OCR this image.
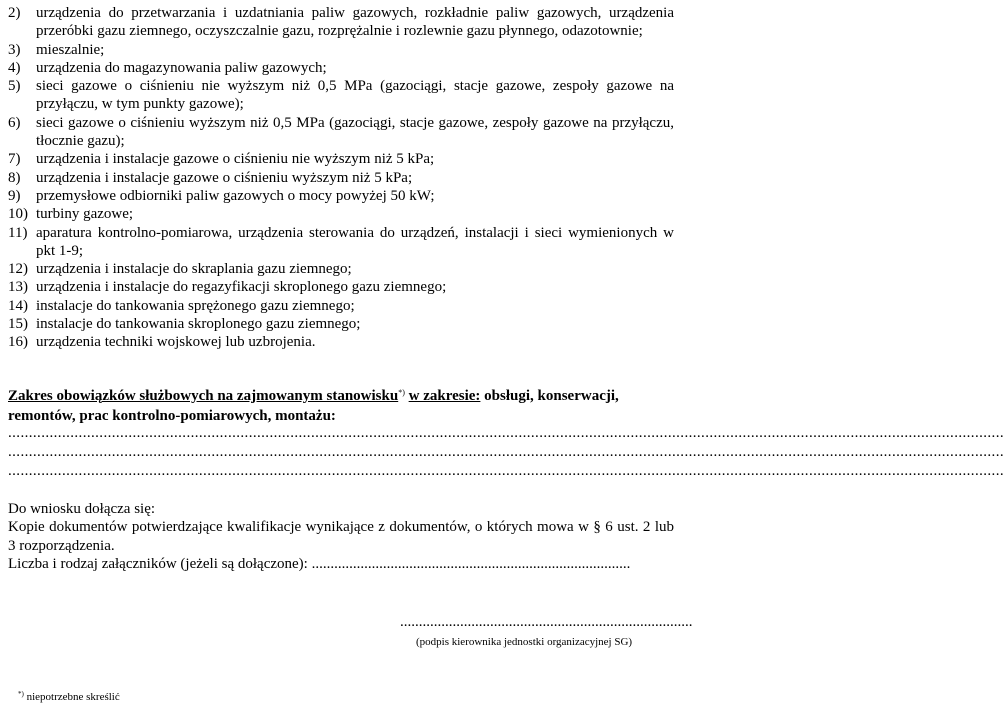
2) urządzenia do przetwarzania i uzdatniania paliw gazowych, rozkładnie paliw gazowych, urządzenia przeróbki gazu ziemnego, oczyszczalnie gazu, rozprężalnie i rozlewnie gazu płynnego, odazotownie;
3) mieszalnie;
4) urządzenia do magazynowania paliw gazowych;
5) sieci gazowe o ciśnieniu nie wyższym niż 0,5 MPa (gazociągi, stacje gazowe, zespoły gazowe na przyłączu, w tym punkty gazowe);
6) sieci gazowe o ciśnieniu wyższym niż 0,5 MPa (gazociągi, stacje gazowe, zespoły gazowe na przyłączu, tłocznie gazu);
7) urządzenia i instalacje gazowe o ciśnieniu nie wyższym niż 5 kPa;
8) urządzenia i instalacje gazowe o ciśnieniu wyższym niż 5 kPa;
9) przemysłowe odbiorniki paliw gazowych o mocy powyżej 50 kW;
10) turbiny gazowe;
11) aparatura kontrolno-pomiarowa, urządzenia sterowania do urządzeń, instalacji i sieci wymienionych w pkt 1-9;
12) urządzenia i instalacje do skraplania gazu ziemnego;
13) urządzenia i instalacje do regazyfikacji skroplonego gazu ziemnego;
14) instalacje do tankowania sprężonego gazu ziemnego;
15) instalacje do tankowania skroplonego gazu ziemnego;
16) urządzenia techniki wojskowej lub uzbrojenia.
Zakres obowiązków służbowych na zajmowanym stanowisku*) w zakresie: obsługi, konserwacji, remontów, prac kontrolno-pomiarowych, montażu:
................................................................................................................................................................................................................................................
................................................................................................................................................................................................................................................
................................................................................................................................................................................................................................................

Do wniosku dołącza się:

Kopie dokumentów potwierdzające kwalifikacje wynikające z dokumentów, o których mowa w § 6 ust. 2 lub 3 rozporządzenia.

Liczba i rodzaj załączników (jeżeli są dołączone): .....................................................................................

..............................................................................
(podpis kierownika jednostki organizacyjnej SG)
*) niepotrzebne skreślić
